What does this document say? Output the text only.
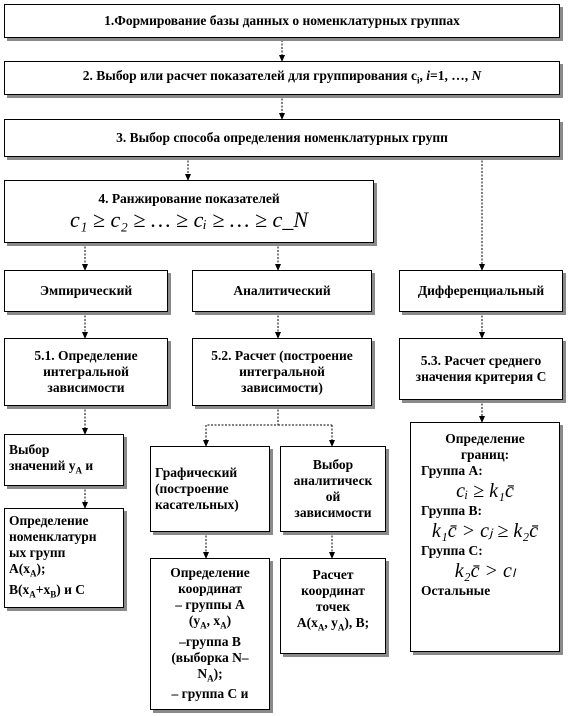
1.Формирование базы данных о номенклатурных группах
2. Выбор или расчет показателей для группирования $c_i$, i=1, …, N
3. Выбор способа определения номенклатурных групп
4. Ранжирование показателей
c₁ ≥ c₂ ≥ … ≥ cᵢ ≥ … ≥ c_N
Эмпирический	Аналитический	Дифференциальный
5.1. Определение
интегральной
зависимости
5.2. Расчет (построение
интегральной
зависимости)
5.3. Расчет среднего
значения критерия C
Выбор
значений $y_A$ и
Определение
номенклатурн
ых групп
$A(x_A)$;
$B(x_A+x_B)$ и C
Графический
(построение
касательных)
Выбор
аналитическ
ой
зависимости
Определение
координат
– группы A
($y_A$, $x_A$)
–группа B
(выборка N–
$N_A$);
– группа C и
Расчет
координат
точек
$A(x_A$, $y_A$), B;
Определение
границ:
Группа A:
cᵢ ≥ k₁c̄
Группа B:
k₁c̄ > cⱼ ≥ k₂c̄
Группа C:
k₂c̄ > cₗ
Остальные
